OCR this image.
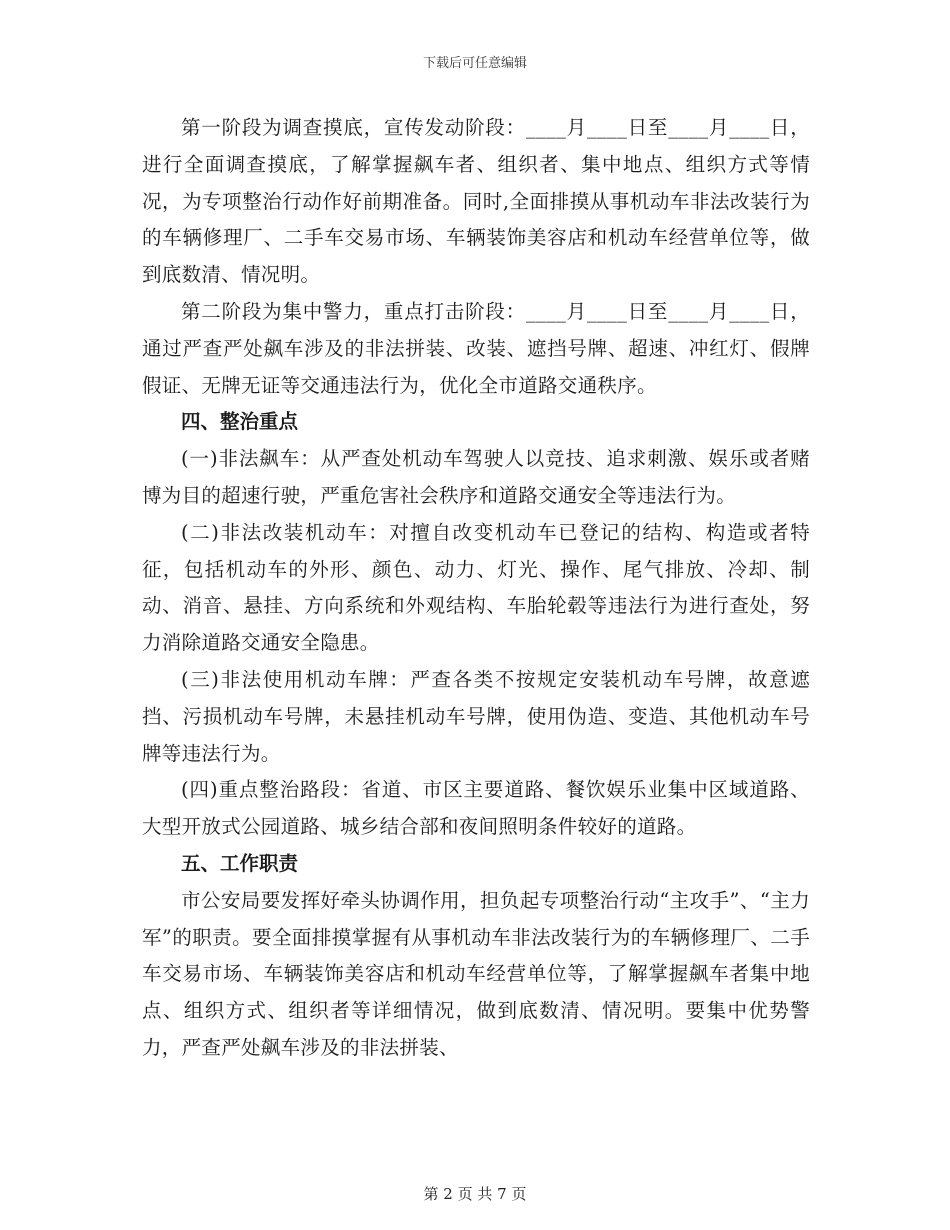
下载后可任意编辑

第一阶段为调查摸底，宣传发动阶段：____月____日至____月____日，进行全面调查摸底，了解掌握飙车者、组织者、集中地点、组织方式等情况，为专项整治行动作好前期准备。同时,全面排摸从事机动车非法改装行为的车辆修理厂、二手车交易市场、车辆装饰美容店和机动车经营单位等，做到底数清、情况明。

第二阶段为集中警力，重点打击阶段：____月____日至____月____日，通过严查严处飙车涉及的非法拼装、改装、遮挡号牌、超速、冲红灯、假牌假证、无牌无证等交通违法行为，优化全市道路交通秩序。

四、整治重点

(一)非法飙车：从严查处机动车驾驶人以竞技、追求刺激、娱乐或者赌博为目的超速行驶，严重危害社会秩序和道路交通安全等违法行为。

(二)非法改装机动车：对擅自改变机动车已登记的结构、构造或者特征，包括机动车的外形、颜色、动力、灯光、操作、尾气排放、冷却、制动、消音、悬挂、方向系统和外观结构、车胎轮毂等违法行为进行查处，努力消除道路交通安全隐患。

(三)非法使用机动车牌：严查各类不按规定安装机动车号牌，故意遮挡、污损机动车号牌，未悬挂机动车号牌，使用伪造、变造、其他机动车号牌等违法行为。

(四)重点整治路段：省道、市区主要道路、餐饮娱乐业集中区域道路、大型开放式公园道路、城乡结合部和夜间照明条件较好的道路。

五、工作职责

市公安局要发挥好牵头协调作用，担负起专项整治行动“主攻手”、“主力军”的职责。要全面排摸掌握有从事机动车非法改装行为的车辆修理厂、二手车交易市场、车辆装饰美容店和机动车经营单位等，了解掌握飙车者集中地点、组织方式、组织者等详细情况，做到底数清、情况明。要集中优势警力，严查严处飙车涉及的非法拼装、

第 2 页 共 7 页
